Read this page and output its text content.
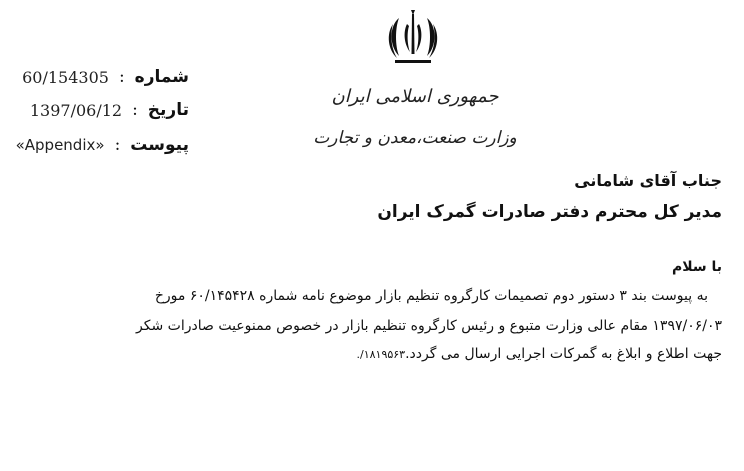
جمهوری اسلامی ایران
وزارت صنعت،معدن و تجارت
60/154305 : شماره
1397/06/12 : تاریخ
«Appendix» : پیوست
جناب آقای شامانی
مدیر کل محترم دفتر صادرات گمرک ایران
با سلام
به پیوست بند ۳ دستور دوم تصمیمات کارگروه تنظیم بازار موضوع نامه شماره ۶۰/۱۴۵۴۲۸ مورخ
۱۳۹۷/۰۶/۰۳ مقام عالی وزارت متبوع و رئیس کارگروه تنظیم بازار در خصوص ممنوعیت صادرات شکر
جهت اطلاع و ابلاغ به گمرکات اجرایی ارسال می گردد.۱۸۱۹۵۶۳/.
